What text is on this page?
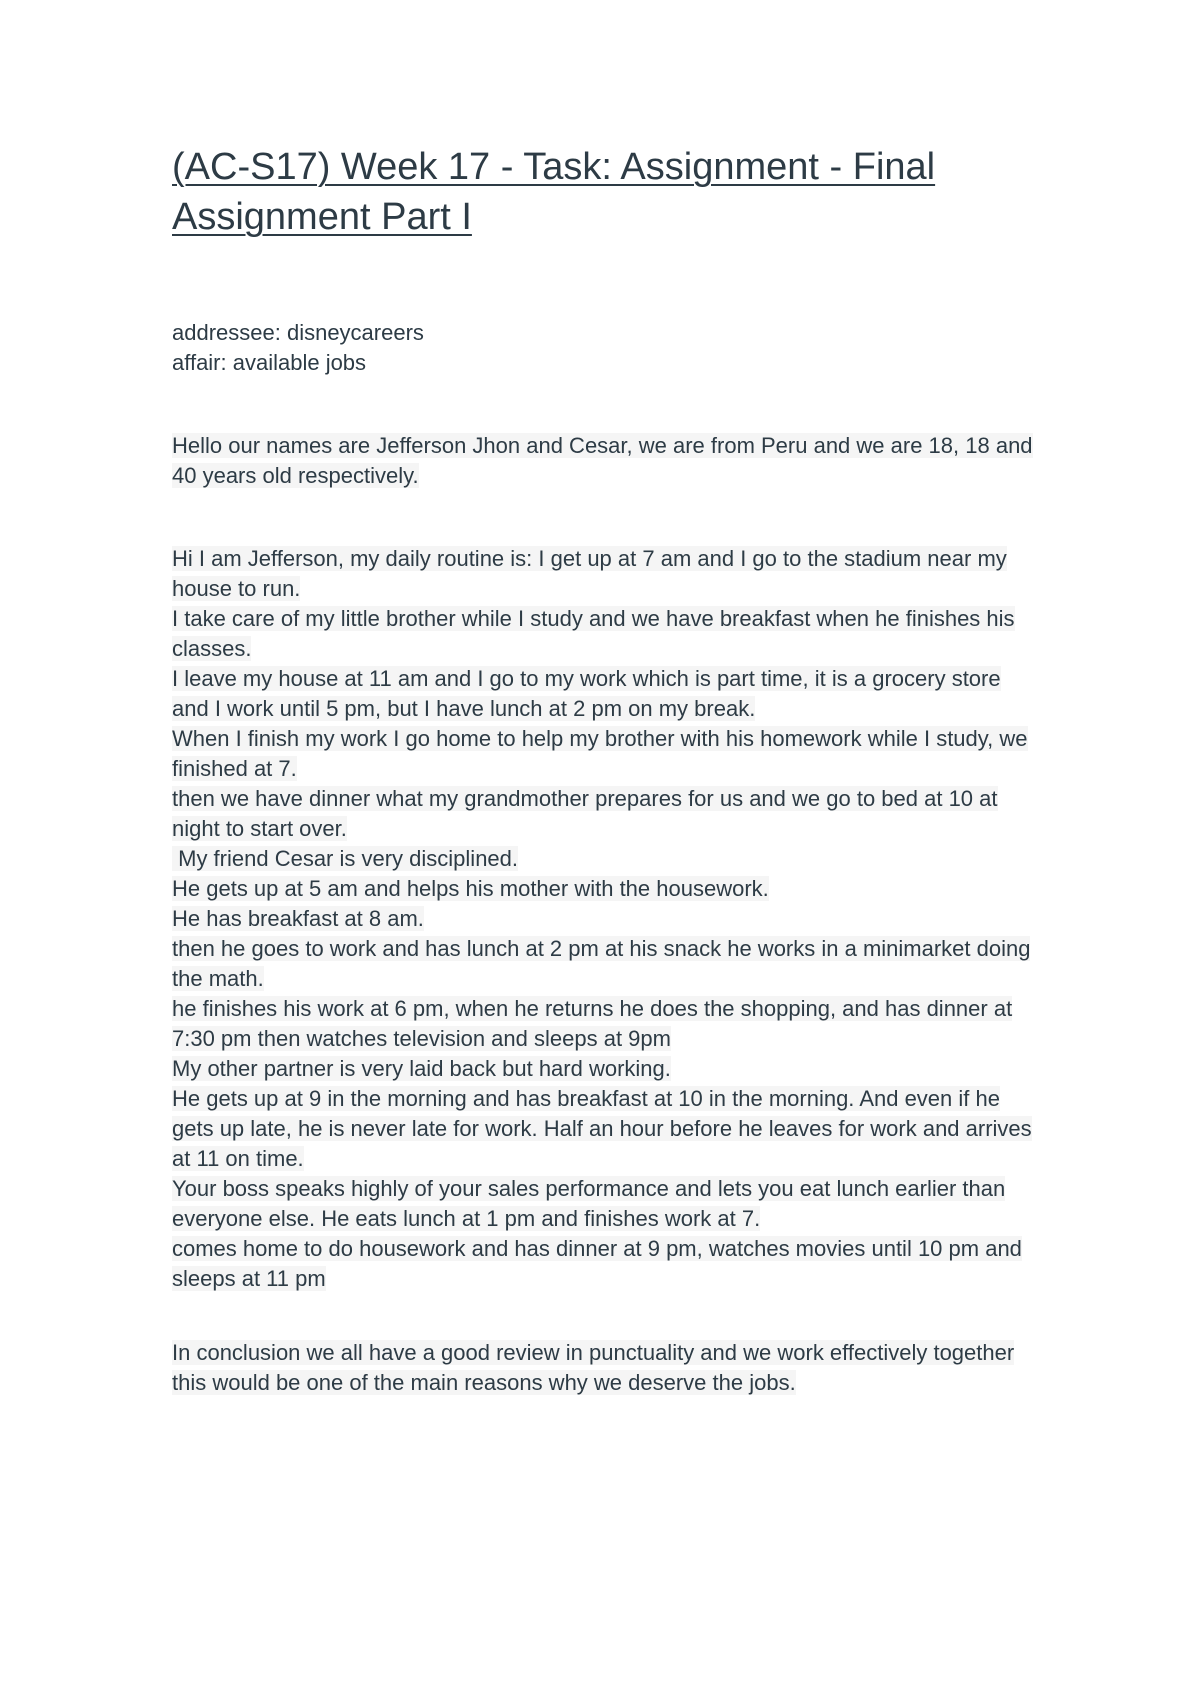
(AC-S17) Week 17 - Task: Assignment - Final Assignment Part I
addressee: disneycareers
affair: available jobs
Hello our names are Jefferson Jhon and Cesar, we are from Peru and we are 18, 18 and 40 years old respectively.
Hi I am Jefferson, my daily routine is: I get up at 7 am and I go to the stadium near my house to run.
I take care of my little brother while I study and we have breakfast when he finishes his classes.
I leave my house at 11 am and I go to my work which is part time, it is a grocery store and I work until 5 pm, but I have lunch at 2 pm on my break.
When I finish my work I go home to help my brother with his homework while I study, we finished at 7.
then we have dinner what my grandmother prepares for us and we go to bed at 10 at night to start over.
My friend Cesar is very disciplined.
He gets up at 5 am and helps his mother with the housework.
He has breakfast at 8 am.
then he goes to work and has lunch at 2 pm at his snack he works in a minimarket doing the math.
he finishes his work at 6 pm, when he returns he does the shopping, and has dinner at 7:30 pm then watches television and sleeps at 9pm
My other partner is very laid back but hard working.
He gets up at 9 in the morning and has breakfast at 10 in the morning. And even if he gets up late, he is never late for work. Half an hour before he leaves for work and arrives at 11 on time.
Your boss speaks highly of your sales performance and lets you eat lunch earlier than everyone else. He eats lunch at 1 pm and finishes work at 7.
comes home to do housework and has dinner at 9 pm, watches movies until 10 pm and sleeps at 11 pm
In conclusion we all have a good review in punctuality and we work effectively together this would be one of the main reasons why we deserve the jobs.
